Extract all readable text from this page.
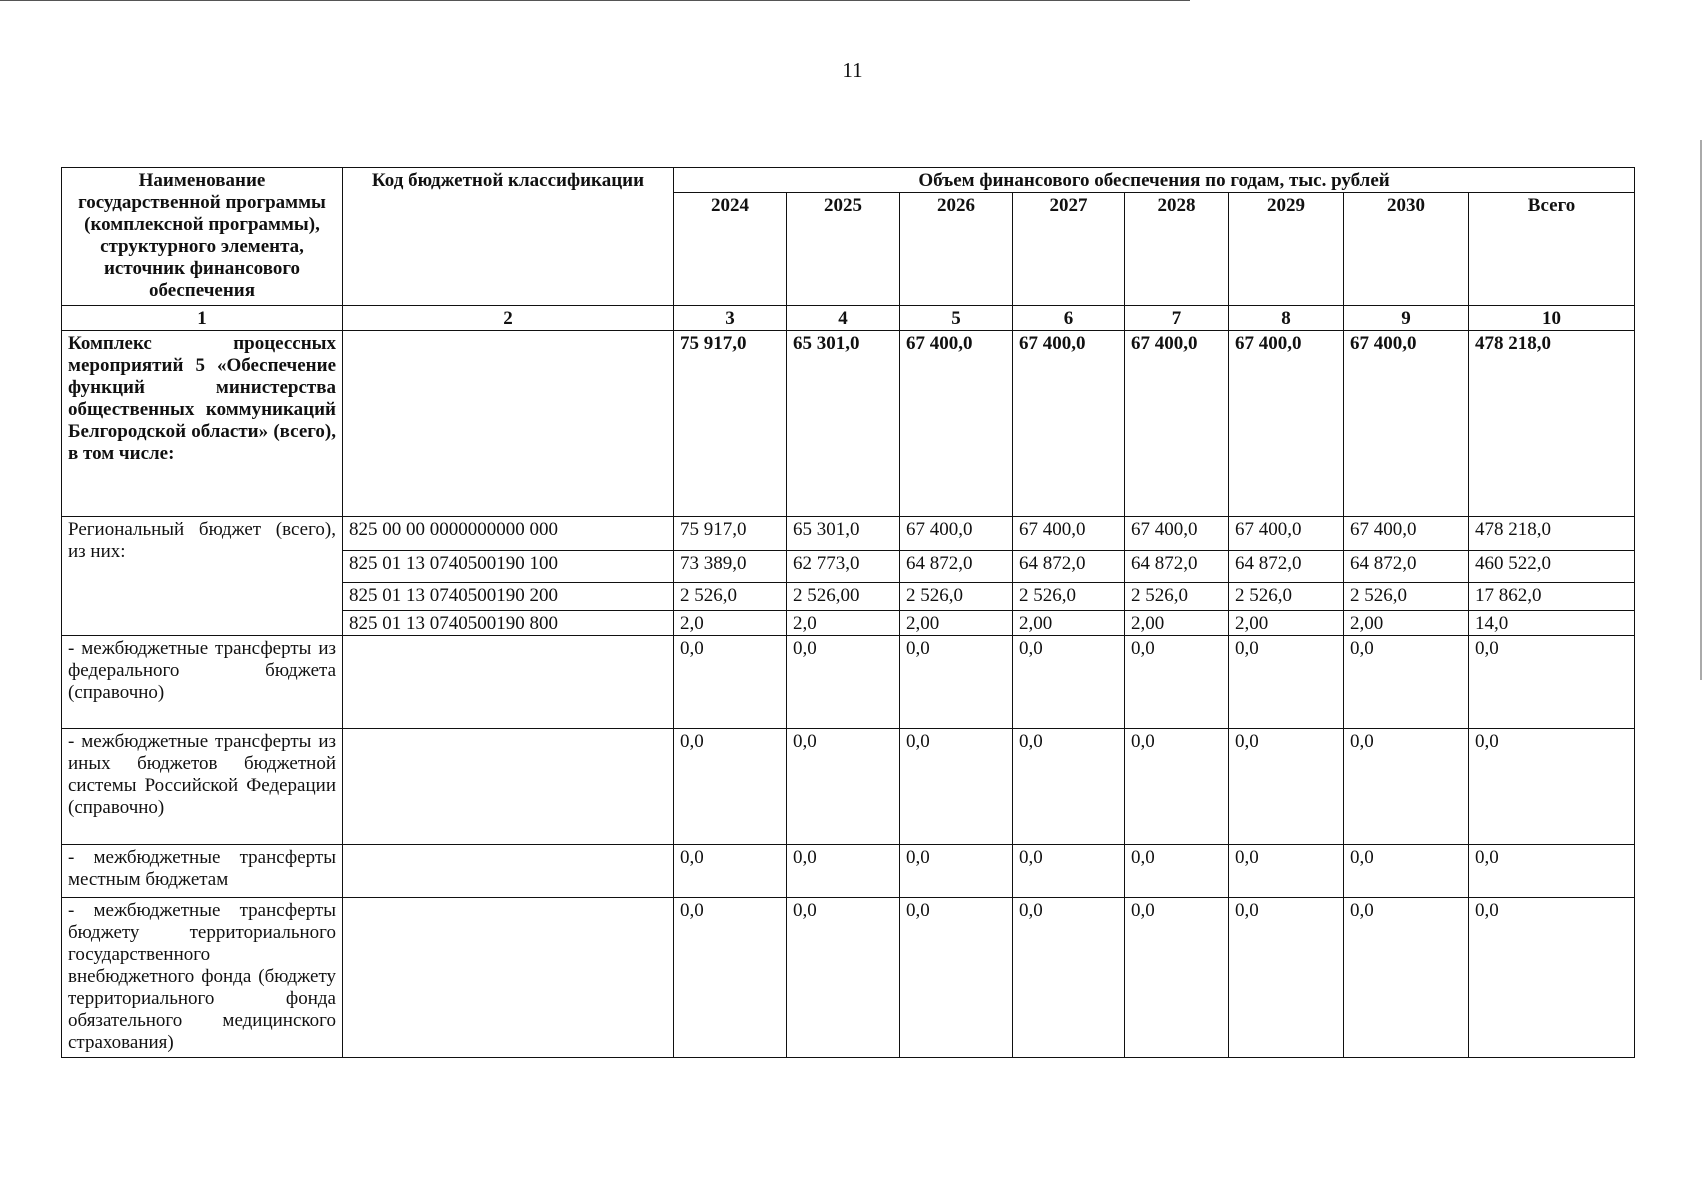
11
Наименование государственной программы (комплексной программы), структурного элемента, источник финансового обеспечения	Код бюджетной классификации	Объем финансового обеспечения по годам, тыс. рублей							
		2024	2025	2026	2027	2028	2029	2030	Всего
1	2	3	4	5	6	7	8	9	10
Комплекс процессных мероприятий 5 «Обеспечение функций министерства общественных коммуникаций Белгородской области» (всего), в том числе:		75 917,0	65 301,0	67 400,0	67 400,0	67 400,0	67 400,0	67 400,0	478 218,0
Региональный бюджет (всего), из них:	825 00 00 0000000000 000	75 917,0	65 301,0	67 400,0	67 400,0	67 400,0	67 400,0	67 400,0	478 218,0
	825 01 13 0740500190 100	73 389,0	62 773,0	64 872,0	64 872,0	64 872,0	64 872,0	64 872,0	460 522,0
	825 01 13 0740500190 200	2 526,0	2 526,00	2 526,0	2 526,0	2 526,0	2 526,0	2 526,0	17 862,0
	825 01 13 0740500190 800	2,0	2,0	2,00	2,00	2,00	2,00	2,00	14,0
- межбюджетные трансферты из федерального бюджета (справочно)		0,0	0,0	0,0	0,0	0,0	0,0	0,0	0,0
- межбюджетные трансферты из иных бюджетов бюджетной системы Российской Федерации (справочно)		0,0	0,0	0,0	0,0	0,0	0,0	0,0	0,0
- межбюджетные трансферты местным бюджетам		0,0	0,0	0,0	0,0	0,0	0,0	0,0	0,0
- межбюджетные трансферты бюджету территориального государственного внебюджетного фонда (бюджету территориального фонда обязательного медицинского страхования)		0,0	0,0	0,0	0,0	0,0	0,0	0,0	0,0
